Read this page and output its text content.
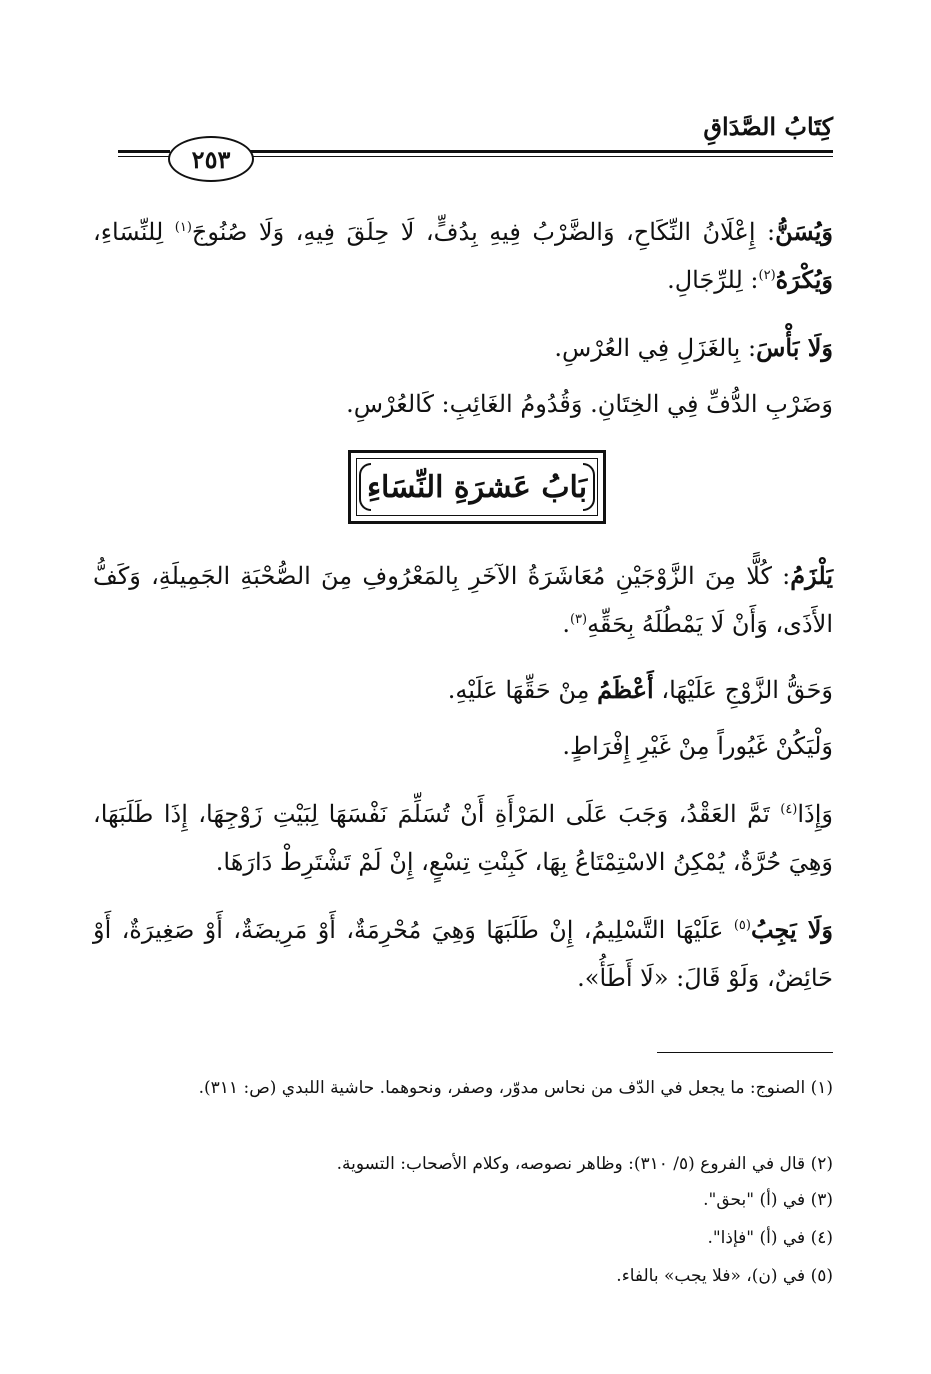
كِتَابُ الصَّدَاقِ
٢٥٣
وَيُسَنُّ: إِعْلَانُ النِّكَاحِ، وَالضَّرْبُ فِيهِ بِدُفٍّ، لَا حِلَقَ فِيهِ، وَلَا صُنُوجَ$^{(١)}$ لِلنِّسَاءِ، وَيُكْرَهُ$^{(٢)}$: لِلرِّجَالِ.
وَلَا بَأْسَ: بِالغَزَلِ فِي العُرْسِ.
وَضَرْبِ الدُّفِّ فِي الخِتَانِ. وَقُدُومُ الغَائِبِ: كَالعُرْسِ.
بَابُ عَشرَةِ النِّسَاءِ
يَلْزَمُ: كُلًّا مِنَ الزَّوْجَيْنِ مُعَاشَرَةُ الآخَرِ بِالمَعْرُوفِ مِنَ الصُّحْبَةِ الجَمِيلَةِ، وَكَفُّ الأَذَى، وَأَنْ لَا يَمْطُلَهُ بِحَقِّهِ$^{(٣)}$.
وَحَقُّ الزَّوْجِ عَلَيْهَا، أَعْظَمُ مِنْ حَقِّهَا عَلَيْهِ.
وَلْيَكُنْ غَيُوراً مِنْ غَيْرِ إِفْرَاطٍ.
وَإِذَا$^{(٤)}$ تَمَّ العَقْدُ، وَجَبَ عَلَى المَرْأَةِ أَنْ تُسَلِّمَ نَفْسَهَا لِبَيْتِ زَوْجِهَا، إِذَا طَلَبَهَا، وَهِيَ حُرَّةٌ، يُمْكِنُ الاسْتِمْتَاعُ بِهَا، كَبِنْتِ تِسْعٍ، إِنْ لَمْ تَشْتَرِطْ دَارَهَا.
وَلَا يَجِبُ$^{(٥)}$ عَلَيْهَا التَّسْلِيمُ، إِنْ طَلَبَهَا وَهِيَ مُحْرِمَةٌ، أَوْ مَرِيضَةٌ، أَوْ صَغِيرَةٌ، أَوْ حَائِضٌ، وَلَوْ قَالَ: «لَا أَطَأُ».
(١) الصنوج: ما يجعل في الدّف من نحاس مدوّر، وصفر، ونحوهما. حاشية اللبدي (ص: ٣١١).
(٢) قال في الفروع (٥/ ٣١٠): وظاهر نصوصه، وكلام الأصحاب: التسوية.
(٣) في (أ) "بحق".
(٤) في (أ) "فإذا".
(٥) في (ن)، «فلا يجب» بالفاء.
